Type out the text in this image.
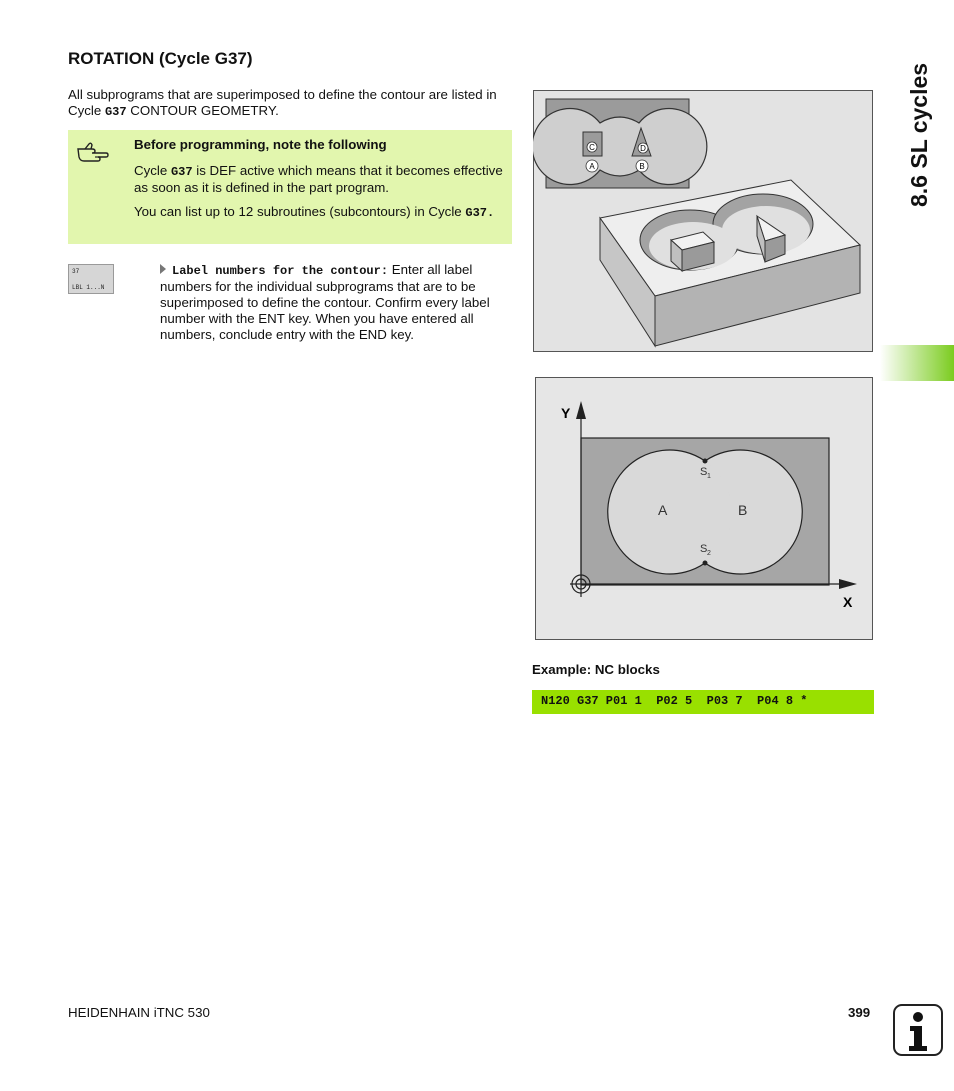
ROTATION (Cycle G37)
All subprograms that are superimposed to define the contour are listed in Cycle G37 CONTOUR GEOMETRY.
Before programming, note the following
Cycle G37 is DEF active which means that it becomes effective as soon as it is defined in the part program.
You can list up to 12 subroutines (subcontours) in Cycle G37.
37
LBL 1...N
Label numbers for the contour: Enter all label numbers for the individual subprograms that are to be superimposed to define the contour. Confirm every label number with the ENT key. When you have entered all numbers, conclude entry with the END key.
C	D
A	B
S 1
S 2
A	B
Y
X
Example: NC blocks
N120 G37 P01 1  P02 5  P03 7  P04 8 *
8.6 SL cycles
HEIDENHAIN iTNC 530	399
